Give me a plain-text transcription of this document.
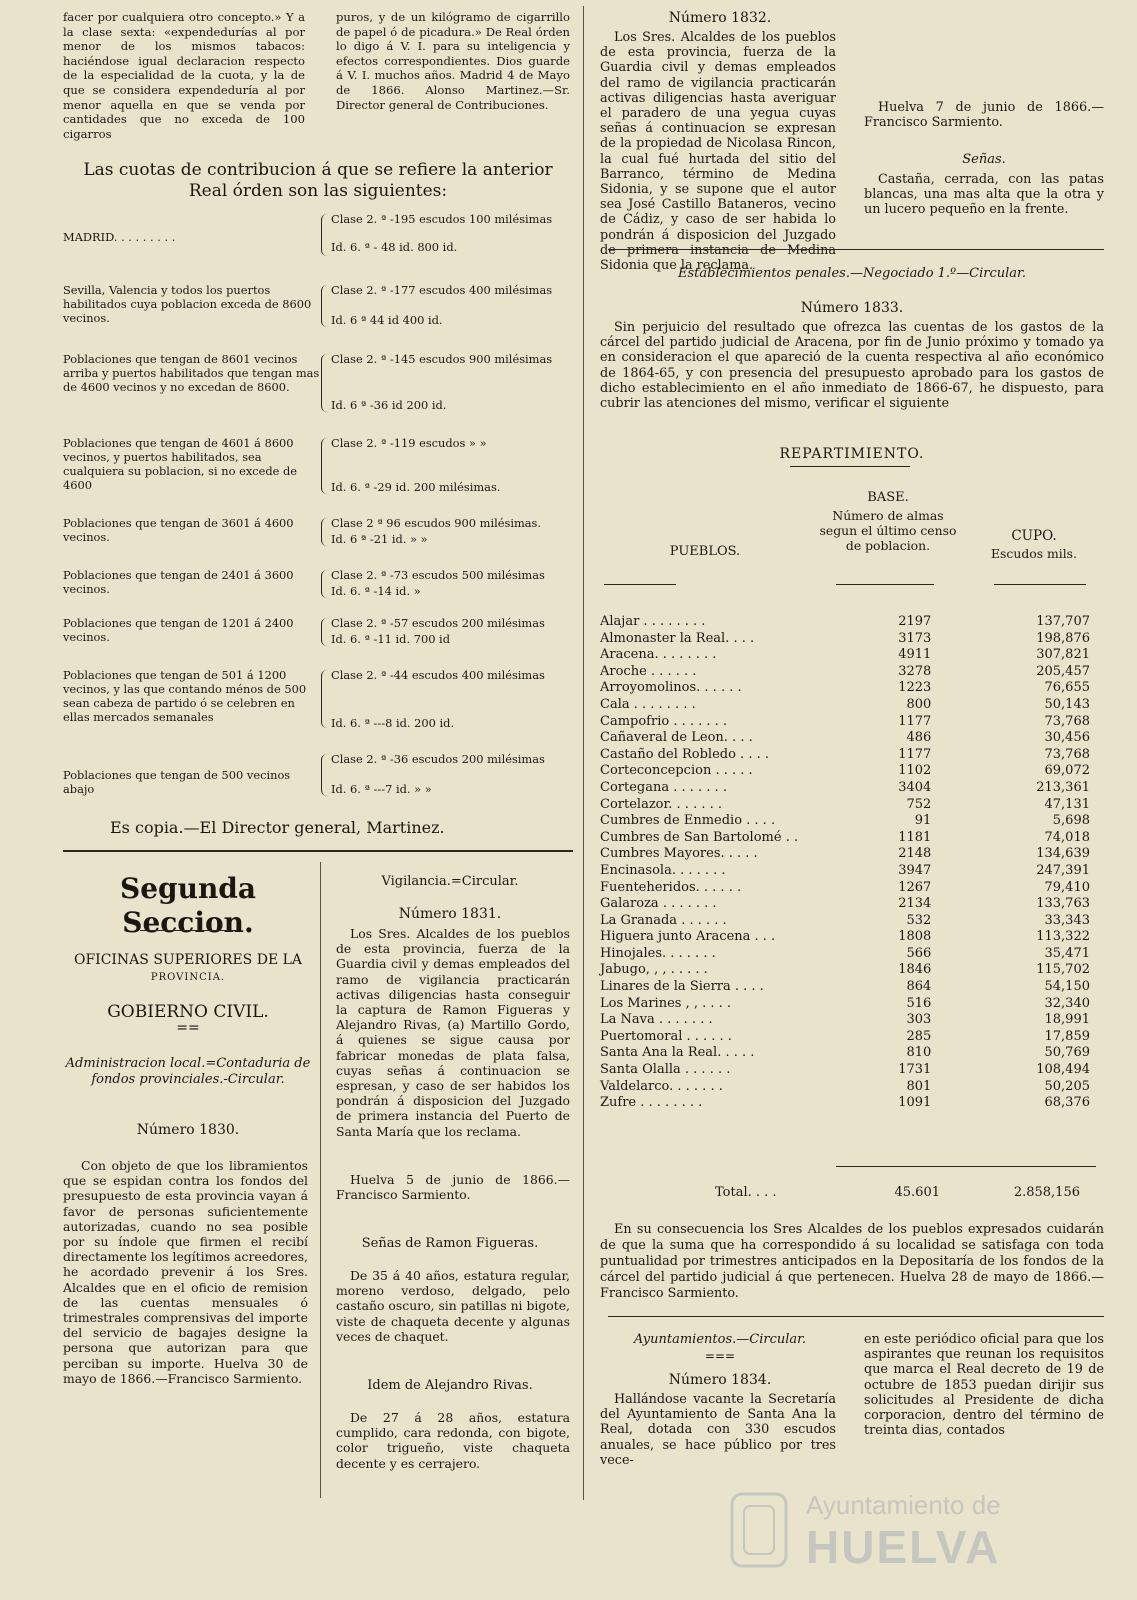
facer por cualquiera otro concepto.» Y a la clase sexta: «expendedurías al por menor de los mismos tabacos: haciéndose igual declaracion respecto de la especialidad de la cuota, y la de que se considera expendeduría al por menor aquella en que se venda por cantidades que no exceda de 100 cigarros
puros, y de un kilógramo de cigarrillo de papel ó de picadura.» De Real órden lo digo á V. I. para su inteligencia y efectos correspondientes. Dios guarde á V. I. muchos años. Madrid 4 de Mayo de 1866. Alonso Martinez.—Sr. Director general de Contribuciones.
Las cuotas de contribucion á que se refiere la anterior Real órden son las siguientes:
MADRID. . . . . . . . .
Clase 2. ª -195 escudos 100 milésimas
Id. 6. ª - 48 id. 800 id.
Sevilla, Valencia y todos los puertos habilitados cuya poblacion exceda de 8600 vecinos.
Clase 2. ª -177 escudos 400 milésimas
Id. 6 ª 44 id 400 id.
Poblaciones que tengan de 8601 vecinos arriba y puertos habilitados que tengan mas de 4600 vecinos y no excedan de 8600.
Clase 2. ª -145 escudos 900 milésimas
Id. 6 ª -36 id 200 id.
Poblaciones que tengan de 4601 á 8600 vecinos, y puertos habilitados, sea cualquiera su poblacion, si no excede de 4600
Clase 2. ª -119 escudos » »
Id. 6. ª -29 id. 200 milésimas.
Poblaciones que tengan de 3601 á 4600 vecinos.
Clase 2 ª 96 escudos 900 milésimas.
Id. 6 ª -21 id. » »
Poblaciones que tengan de 2401 á 3600 vecinos.
Clase 2. ª -73 escudos 500 milésimas
Id. 6. ª -14 id. »
Poblaciones que tengan de 1201 á 2400 vecinos.
Clase 2. ª -57 escudos 200 milésimas
Id. 6. ª -11 id. 700 id
Poblaciones que tengan de 501 á 1200 vecinos, y las que contando ménos de 500 sean cabeza de partido ó se celebren en ellas mercados semanales
Clase 2. ª -44 escudos 400 milésimas
Id. 6. ª ---8 id. 200 id.
Poblaciones que tengan de 500 vecinos abajo
Clase 2. ª -36 escudos 200 milésimas
Id. 6. ª ---7 id. » »
Es copia.—El Director general, Martinez.
Segunda Seccion.
OFICINAS SUPERIORES DE LA
PROVINCIA.
GOBIERNO CIVIL.
==
Administracion local.=Contaduria de fondos provinciales.-Circular.
Número 1830.
Con objeto de que los libramientos que se espidan contra los fondos del presupuesto de esta provincia vayan á favor de personas suficientemente autorizadas, cuando no sea posible por su índole que firmen el recibí directamente los legítimos acreedores, he acordado prevenir á los Sres. Alcaldes que en el oficio de remision de las cuentas mensuales ó trimestrales comprensivas del importe del servicio de bagajes designe la persona que autorizan para que perciban su importe. Huelva 30 de mayo de 1866.—Francisco Sarmiento.
Vigilancia.=Circular.
Número 1831.
Los Sres. Alcaldes de los pueblos de esta provincia, fuerza de la Guardia civil y demas empleados del ramo de vigilancia practicarán activas diligencias hasta conseguir la captura de Ramon Figueras y Alejandro Rivas, (a) Martillo Gordo, á quienes se sigue causa por fabricar monedas de plata falsa, cuyas señas á continuacion se espresan, y caso de ser habidos los pondrán á disposicion del Juzgado de primera instancia del Puerto de Santa María que los reclama.
Huelva 5 de junio de 1866.—Francisco Sarmiento.
Señas de Ramon Figueras.
De 35 á 40 años, estatura regular, moreno verdoso, delgado, pelo castaño oscuro, sin patillas ni bigote, viste de chaqueta decente y algunas veces de chaquet.
Idem de Alejandro Rivas.
De 27 á 28 años, estatura cumplido, cara redonda, con bigote, color trigueño, viste chaqueta decente y es cerrajero.
Número 1832.
Los Sres. Alcaldes de los pueblos de esta provincia, fuerza de la Guardia civil y demas empleados del ramo de vigilancia practicarán activas diligencias hasta averiguar el paradero de una yegua cuyas señas á continuacion se expresan de la propiedad de Nicolasa Rincon, la cual fué hurtada del sitio del Barranco, término de Medina Sidonia, y se supone que el autor sea José Castillo Bataneros, vecino de Cádiz, y caso de ser habida lo pondrán á disposicion del Juzgado de primera instancia de Medina Sidonia que la reclama.
Huelva 7 de junio de 1866.—Francisco Sarmiento.
Señas.
Castaña, cerrada, con las patas blancas, una mas alta que la otra y un lucero pequeño en la frente.
Establecimientos penales.—Negociado 1.º—Circular.
Número 1833.
Sin perjuicio del resultado que ofrezca las cuentas de los gastos de la cárcel del partido judicial de Aracena, por fin de Junio próximo y tomado ya en consideracion el que apareció de la cuenta respectiva al año económico de 1864-65, y con presencia del presupuesto aprobado para los gastos de dicho establecimiento en el año inmediato de 1866-67, he dispuesto, para cubrir las atenciones del mismo, verificar el siguiente
REPARTIMIENTO.
PUEBLOS.
BASE.
Número de almas segun el último censo de poblacion.
CUPO.
Escudos mils.
Alajar . . . . . . . .	2197	137,707
Almonaster la Real. . . .	3173	198,876
Aracena. . . . . . . .	4911	307,821
Aroche . . . . . .	3278	205,457
Arroyomolinos. . . . . .	1223	76,655
Cala . . . . . . . .	800	50,143
Campofrio . . . . . . .	1177	73,768
Cañaveral de Leon. . . .	486	30,456
Castaño del Robledo . . . .	1177	73,768
Corteconcepcion . . . . .	1102	69,072
Cortegana . . . . . . .	3404	213,361
Cortelazor. . . . . . .	752	47,131
Cumbres de Enmedio . . . .	91	5,698
Cumbres de San Bartolomé . .	1181	74,018
Cumbres Mayores. . . . .	2148	134,639
Encinasola. . . . . . .	3947	247,391
Fuenteheridos. . . . . .	1267	79,410
Galaroza . . . . . . .	2134	133,763
La Granada . . . . . .	532	33,343
Higuera junto Aracena . . .	1808	113,322
Hinojales. . . . . . .	566	35,471
Jabugo, , , . . . . .	1846	115,702
Linares de la Sierra . . . .	864	54,150
Los Marines , , . . . .	516	32,340
La Nava . . . . . . .	303	18,991
Puertomoral . . . . . .	285	17,859
Santa Ana la Real. . . . .	810	50,769
Santa Olalla . . . . . .	1731	108,494
Valdelarco. . . . . . .	801	50,205
Zufre . . . . . . . .	1091	68,376
Total. . . .	45.601	2.858,156
En su consecuencia los Sres Alcaldes de los pueblos expresados cuidarán de que la suma que ha correspondido á su localidad se satisfaga con toda puntualidad por trimestres anticipados en la Depositaría de los fondos de la cárcel del partido judicial á que pertenecen. Huelva 28 de mayo de 1866.—Francisco Sarmiento.
Ayuntamientos.—Circular.
===
Número 1834.
Hallándose vacante la Secretaría del Ayuntamiento de Santa Ana la Real, dotada con 330 escudos anuales, se hace público por tres vece-
en este periódico oficial para que los aspirantes que reunan los requisitos que marca el Real decreto de 19 de octubre de 1853 puedan dirijir sus solicitudes al Presidente de dicha corporacion, dentro del término de treinta dias, contados
Ayuntamiento de
HUELVA
